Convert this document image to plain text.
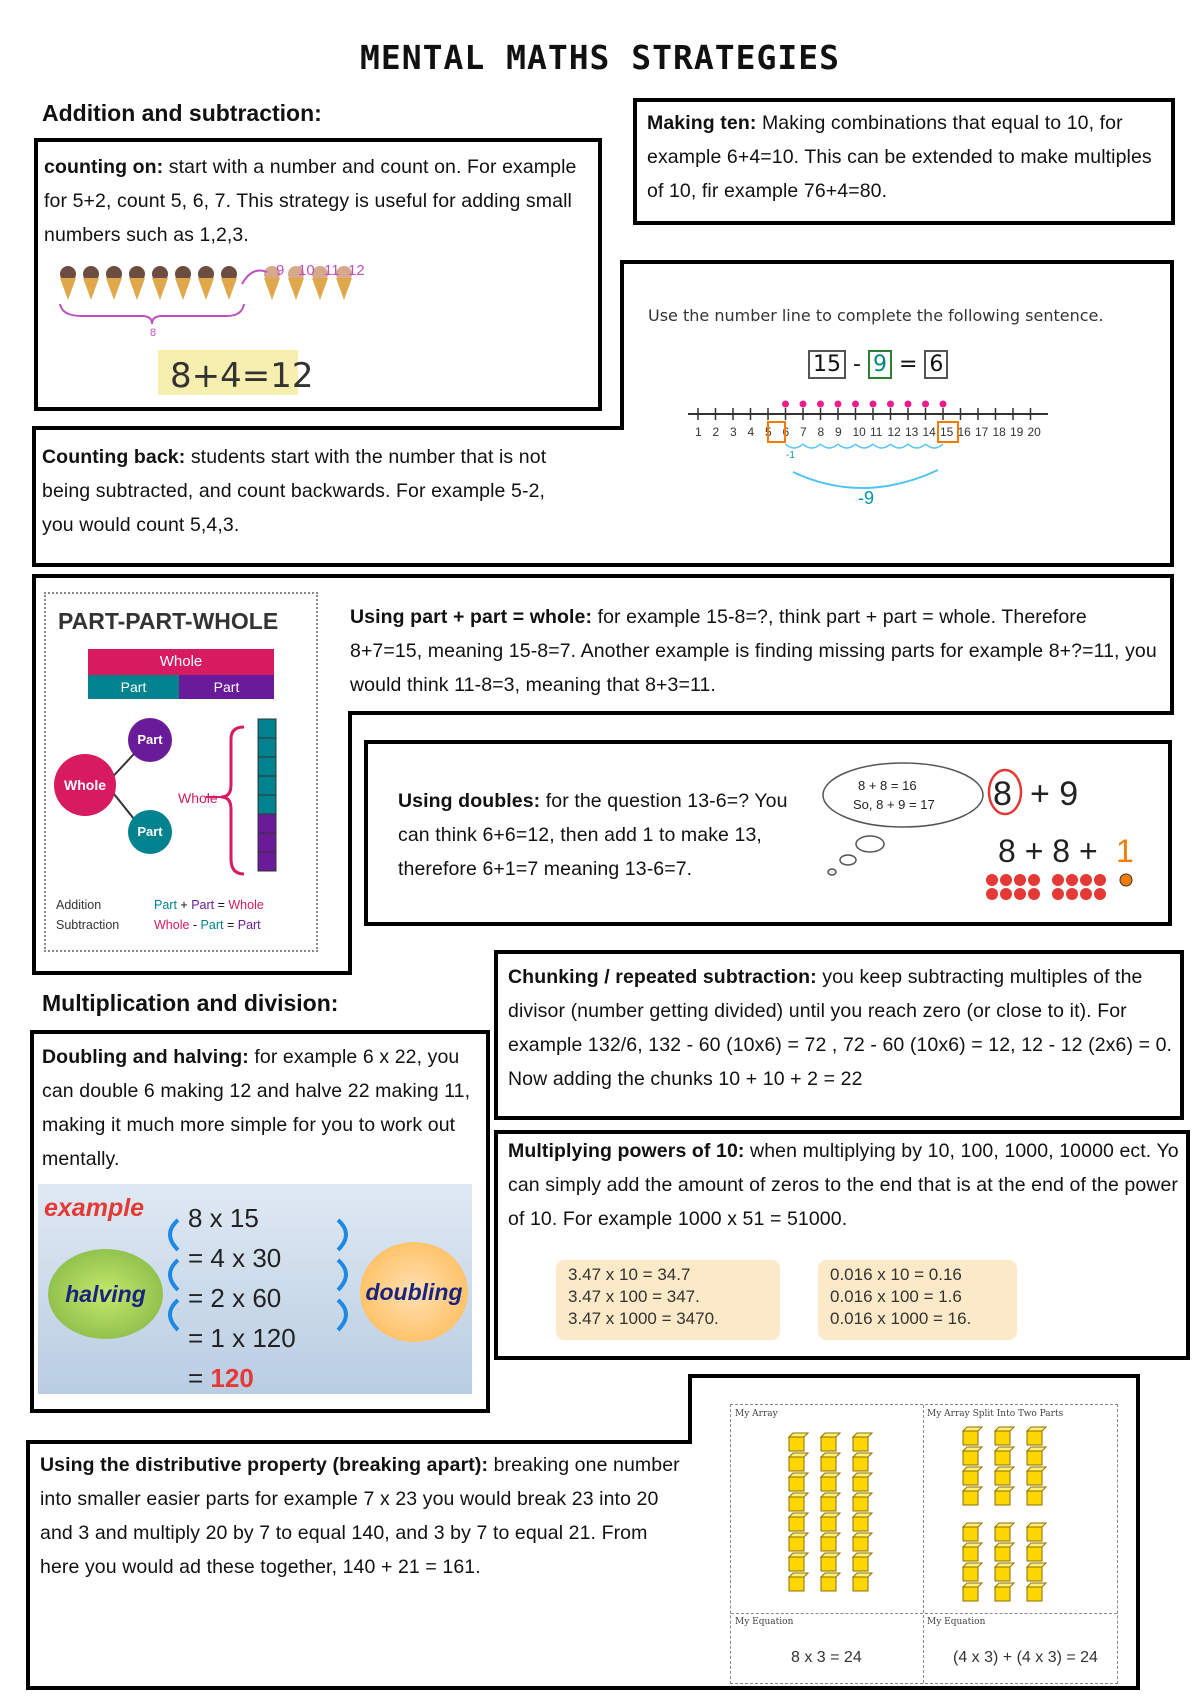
MENTAL MATHS STRATEGIES
Addition and subtraction:
counting on: start with a number and count on. For example for 5+2, count 5, 6, 7. This strategy is useful for adding small numbers such as 1,2,3.
8
9 10 11 12
8+4=12
Making ten: Making combinations that equal to 10, for example 6+4=10. This can be extended to make multiples of 10, fir example 76+4=80.
Use the number line to complete the following sentence.
15 - 9 = 6
1 2 3 4 5 6 7 8 9 10 11 12 13 14 15 16 17 18 19 20
-1
-9
Counting back: students start with the number that is not being subtracted, and count backwards. For example 5-2, you would count 5,4,3.
PART-PART-WHOLE
Whole
Part	Part
Whole
Part
Part
Whole
Addition	Part + Part = Whole
Subtraction	Whole - Part = Part
Using part + part = whole: for example 15-8=?, think part + part = whole. Therefore 8+7=15, meaning 15-8=7. Another example is finding missing parts for example 8+?=11, you would think 11-8=3, meaning that 8+3=11.
Using doubles: for the question 13-6=? You can think 6+6=12, then add 1 to make 13, therefore 6+1=7 meaning 13-6=7.
8 + 8 = 16
So, 8 + 9 = 17 8 + 9
8 + 8 + 1
Multiplication and division:
Chunking / repeated subtraction: you keep subtracting multiples of the divisor (number getting divided) until you reach zero (or close to it). For example 132/6, 132 - 60 (10x6) = 72 , 72 - 60 (10x6) = 12, 12 - 12 (2x6) = 0. Now adding the chunks 10 + 10 + 2 = 22
Doubling and halving: for example 6 x 22, you can double 6 making 12 and halve 22 making 11, making it much more simple for you to work out mentally.
example
halving	doubling
8 x 15
= 4 x 30
= 2 x 60
= 1 x 120
= 120
Multiplying powers of 10: when multiplying by 10, 100, 1000, 10000 ect. Yo can simply add the amount of zeros to the end that is at the end of the power of 10. For example 1000 x 51 = 51000.
3.47 x 10 = 34.7
3.47 x 100 = 347.
3.47 x 1000 = 3470.
0.016 x 10 = 0.16
0.016 x 100 = 1.6
0.016 x 1000 = 16.
Using the distributive property (breaking apart): breaking one number into smaller easier parts for example 7 x 23 you would break 23 into 20 and 3 and multiply 20 by 7 to equal 140, and 3 by 7 to equal 21. From here you would ad these together, 140 + 21 = 161.
My Array	My Array Split Into Two Parts
My Equation	My Equation
8 x 3 = 24	(4 x 3) + (4 x 3) = 24
